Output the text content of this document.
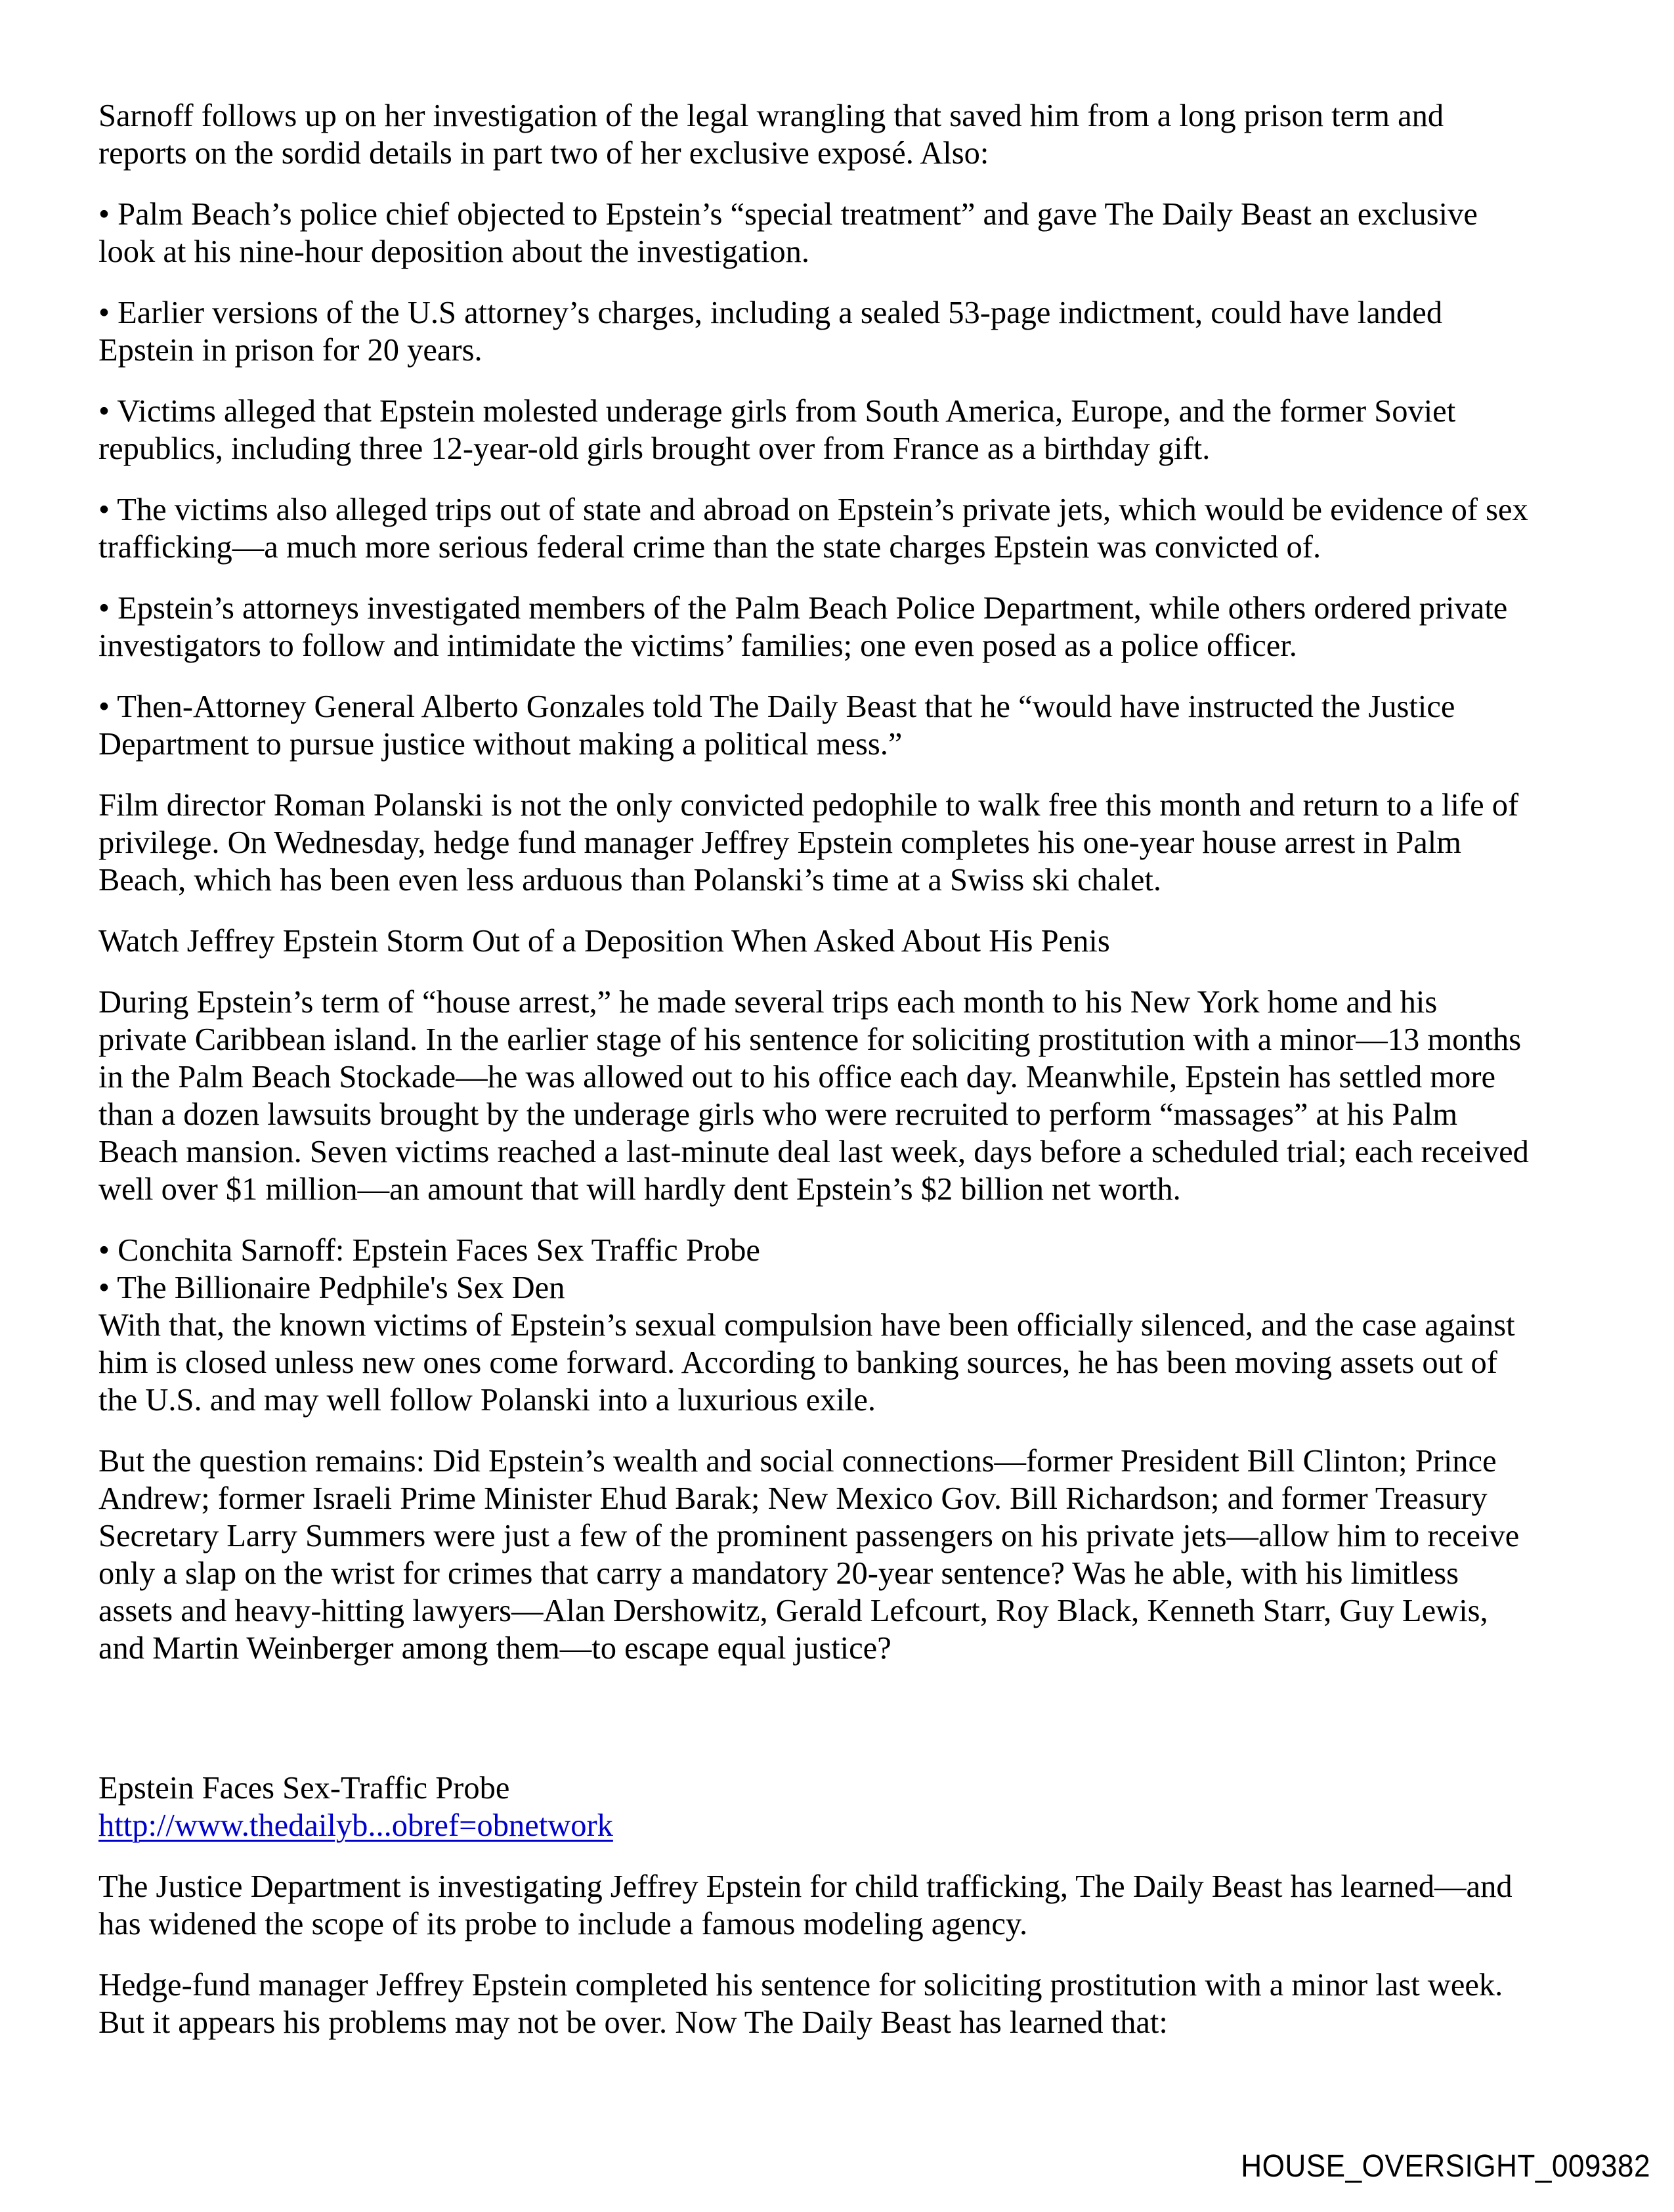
Sarnoff follows up on her investigation of the legal wrangling that saved him from a long prison term and
reports on the sordid details in part two of her exclusive exposé. Also:

• Palm Beach’s police chief objected to Epstein’s “special treatment” and gave The Daily Beast an exclusive
look at his nine-hour deposition about the investigation.

• Earlier versions of the U.S attorney’s charges, including a sealed 53-page indictment, could have landed
Epstein in prison for 20 years.

• Victims alleged that Epstein molested underage girls from South America, Europe, and the former Soviet
republics, including three 12-year-old girls brought over from France as a birthday gift.

• The victims also alleged trips out of state and abroad on Epstein’s private jets, which would be evidence of sex
trafficking—a much more serious federal crime than the state charges Epstein was convicted of.

• Epstein’s attorneys investigated members of the Palm Beach Police Department, while others ordered private
investigators to follow and intimidate the victims’ families; one even posed as a police officer.

• Then-Attorney General Alberto Gonzales told The Daily Beast that he “would have instructed the Justice
Department to pursue justice without making a political mess.”

Film director Roman Polanski is not the only convicted pedophile to walk free this month and return to a life of
privilege. On Wednesday, hedge fund manager Jeffrey Epstein completes his one-year house arrest in Palm
Beach, which has been even less arduous than Polanski’s time at a Swiss ski chalet.

Watch Jeffrey Epstein Storm Out of a Deposition When Asked About His Penis

During Epstein’s term of “house arrest,” he made several trips each month to his New York home and his
private Caribbean island. In the earlier stage of his sentence for soliciting prostitution with a minor—13 months
in the Palm Beach Stockade—he was allowed out to his office each day. Meanwhile, Epstein has settled more
than a dozen lawsuits brought by the underage girls who were recruited to perform “massages” at his Palm
Beach mansion. Seven victims reached a last-minute deal last week, days before a scheduled trial; each received
well over $1 million—an amount that will hardly dent Epstein’s $2 billion net worth.

• Conchita Sarnoff: Epstein Faces Sex Traffic Probe

• The Billionaire Pedphile's Sex Den

With that, the known victims of Epstein’s sexual compulsion have been officially silenced, and the case against
him is closed unless new ones come forward. According to banking sources, he has been moving assets out of
the U.S. and may well follow Polanski into a luxurious exile.

But the question remains: Did Epstein’s wealth and social connections—former President Bill Clinton; Prince
Andrew; former Israeli Prime Minister Ehud Barak; New Mexico Gov. Bill Richardson; and former Treasury
Secretary Larry Summers were just a few of the prominent passengers on his private jets—allow him to receive
only a slap on the wrist for crimes that carry a mandatory 20-year sentence? Was he able, with his limitless
assets and heavy-hitting lawyers—Alan Dershowitz, Gerald Lefcourt, Roy Black, Kenneth Starr, Guy Lewis,
and Martin Weinberger among them—to escape equal justice?

Epstein Faces Sex-Traffic Probe
http://www.thedailyb...obref=obnetwork

The Justice Department is investigating Jeffrey Epstein for child trafficking, The Daily Beast has learned—and
has widened the scope of its probe to include a famous modeling agency.

Hedge-fund manager Jeffrey Epstein completed his sentence for soliciting prostitution with a minor last week.
But it appears his problems may not be over. Now The Daily Beast has learned that:

HOUSE_OVERSIGHT_009382
